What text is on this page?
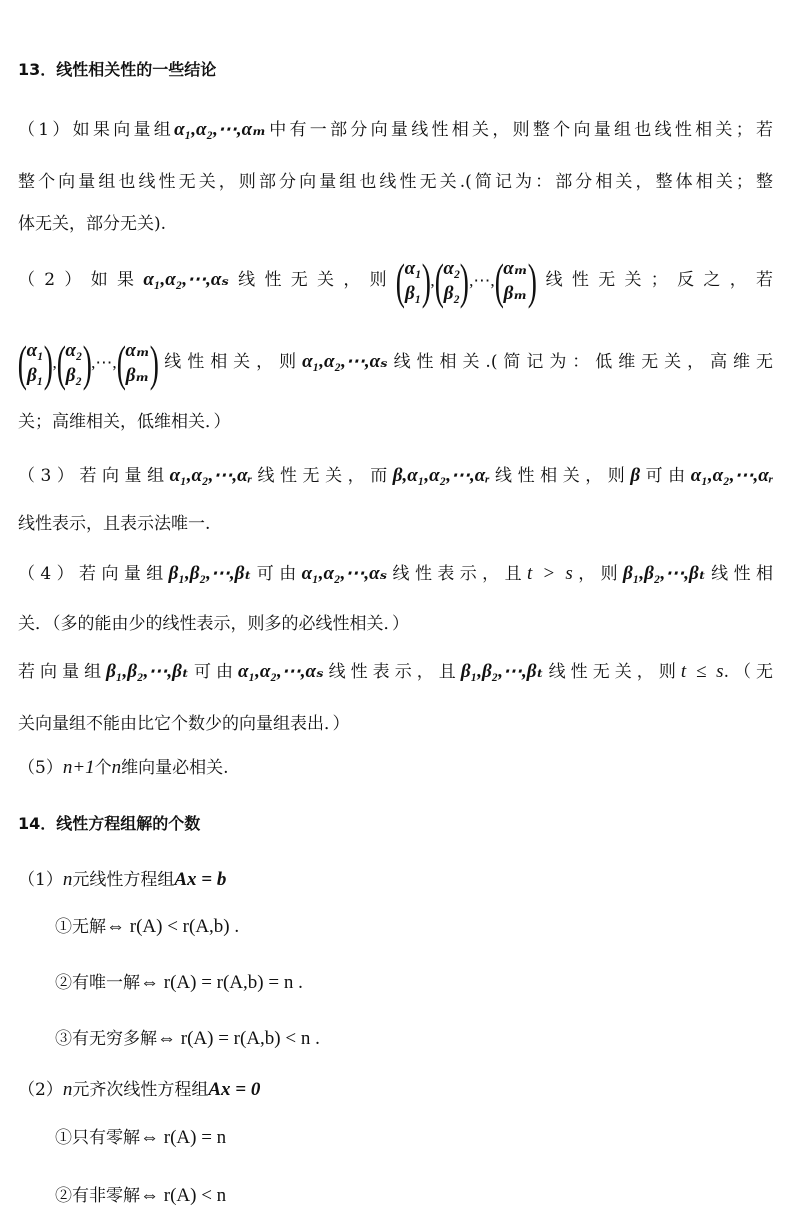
13．线性相关性的一些结论
（1）如果向量组α₁,α₂,⋯,αₘ中有一部分向量线性相关，则整个向量组也线性相关；若
整个向量组也线性无关，则部分向量组也线性无关.(简记为：部分相关，整体相关；整
体无关，部分无关).
（2）如果α₁,α₂,⋯,αₛ线性无关，则 ( α₁
β₁ ) , ( α₂
β₂ ) , ⋯, ( αₘ
βₘ ) 线性无关；反之，若
( α₁
β₁ ) , ( α₂
β₂ ) , ⋯, ( αₘ
βₘ ) 线性相关，则α₁,α₂,⋯,αₛ线性相关.(简记为：低维无关，高维无
关；高维相关，低维相关．）
（3）若向量组α₁,α₂,⋯,αᵣ线性无关，而β,α₁,α₂,⋯,αᵣ线性相关，则β可由α₁,α₂,⋯,αᵣ
线性表示，且表示法唯一.
（4）若向量组β₁,β₂,⋯,βₜ可由α₁,α₂,⋯,αₛ线性表示，且t > s，则β₁,β₂,⋯,βₜ线性相
关．（多的能由少的线性表示，则多的必线性相关．）
若向量组β₁,β₂,⋯,βₜ可由α₁,α₂,⋯,αₛ线性表示，且β₁,β₂,⋯,βₜ线性无关，则t ≤ s.（无
关向量组不能由比它个数少的向量组表出．）
（5）n+1个n维向量必相关.
14．线性方程组解的个数
（1）n元线性方程组Ax = b
①无解⇔ r(A) < r(A,b) .
②有唯一解⇔ r(A) = r(A,b) = n .
③有无穷多解⇔ r(A) = r(A,b) < n .
（2）n元齐次线性方程组Ax = 0
①只有零解⇔ r(A) = n
②有非零解⇔ r(A) < n
